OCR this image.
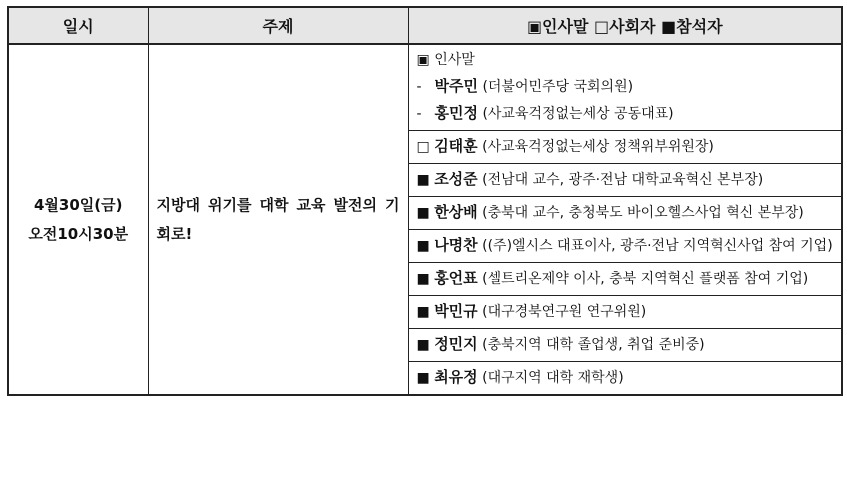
일시	주제	▣인사말 □사회자 ■참석자

4월30일(금)
오전10시30분	지방대 위기를 대학 교육 발전의 기회로!	▣ 인사말
- 박주민 (더불어민주당 국회의원)
- 홍민정 (사교육걱정없는세상 공동대표)

		□ 김태훈 (사교육걱정없는세상 정책위부위원장)
		■ 조성준 (전남대 교수, 광주·전남 대학교육혁신 본부장)
		■ 한상배 (충북대 교수, 충청북도 바이오헬스사업 혁신 본부장)
		■ 나명찬 ((주)엘시스 대표이사, 광주·전남 지역혁신사업 참여 기업)
		■ 홍언표 (셀트리온제약 이사, 충북 지역혁신 플랫폼 참여 기업)
		■ 박민규 (대구경북연구원 연구위원)
		■ 정민지 (충북지역 대학 졸업생, 취업 준비중)
		■ 최유정 (대구지역 대학 재학생)
